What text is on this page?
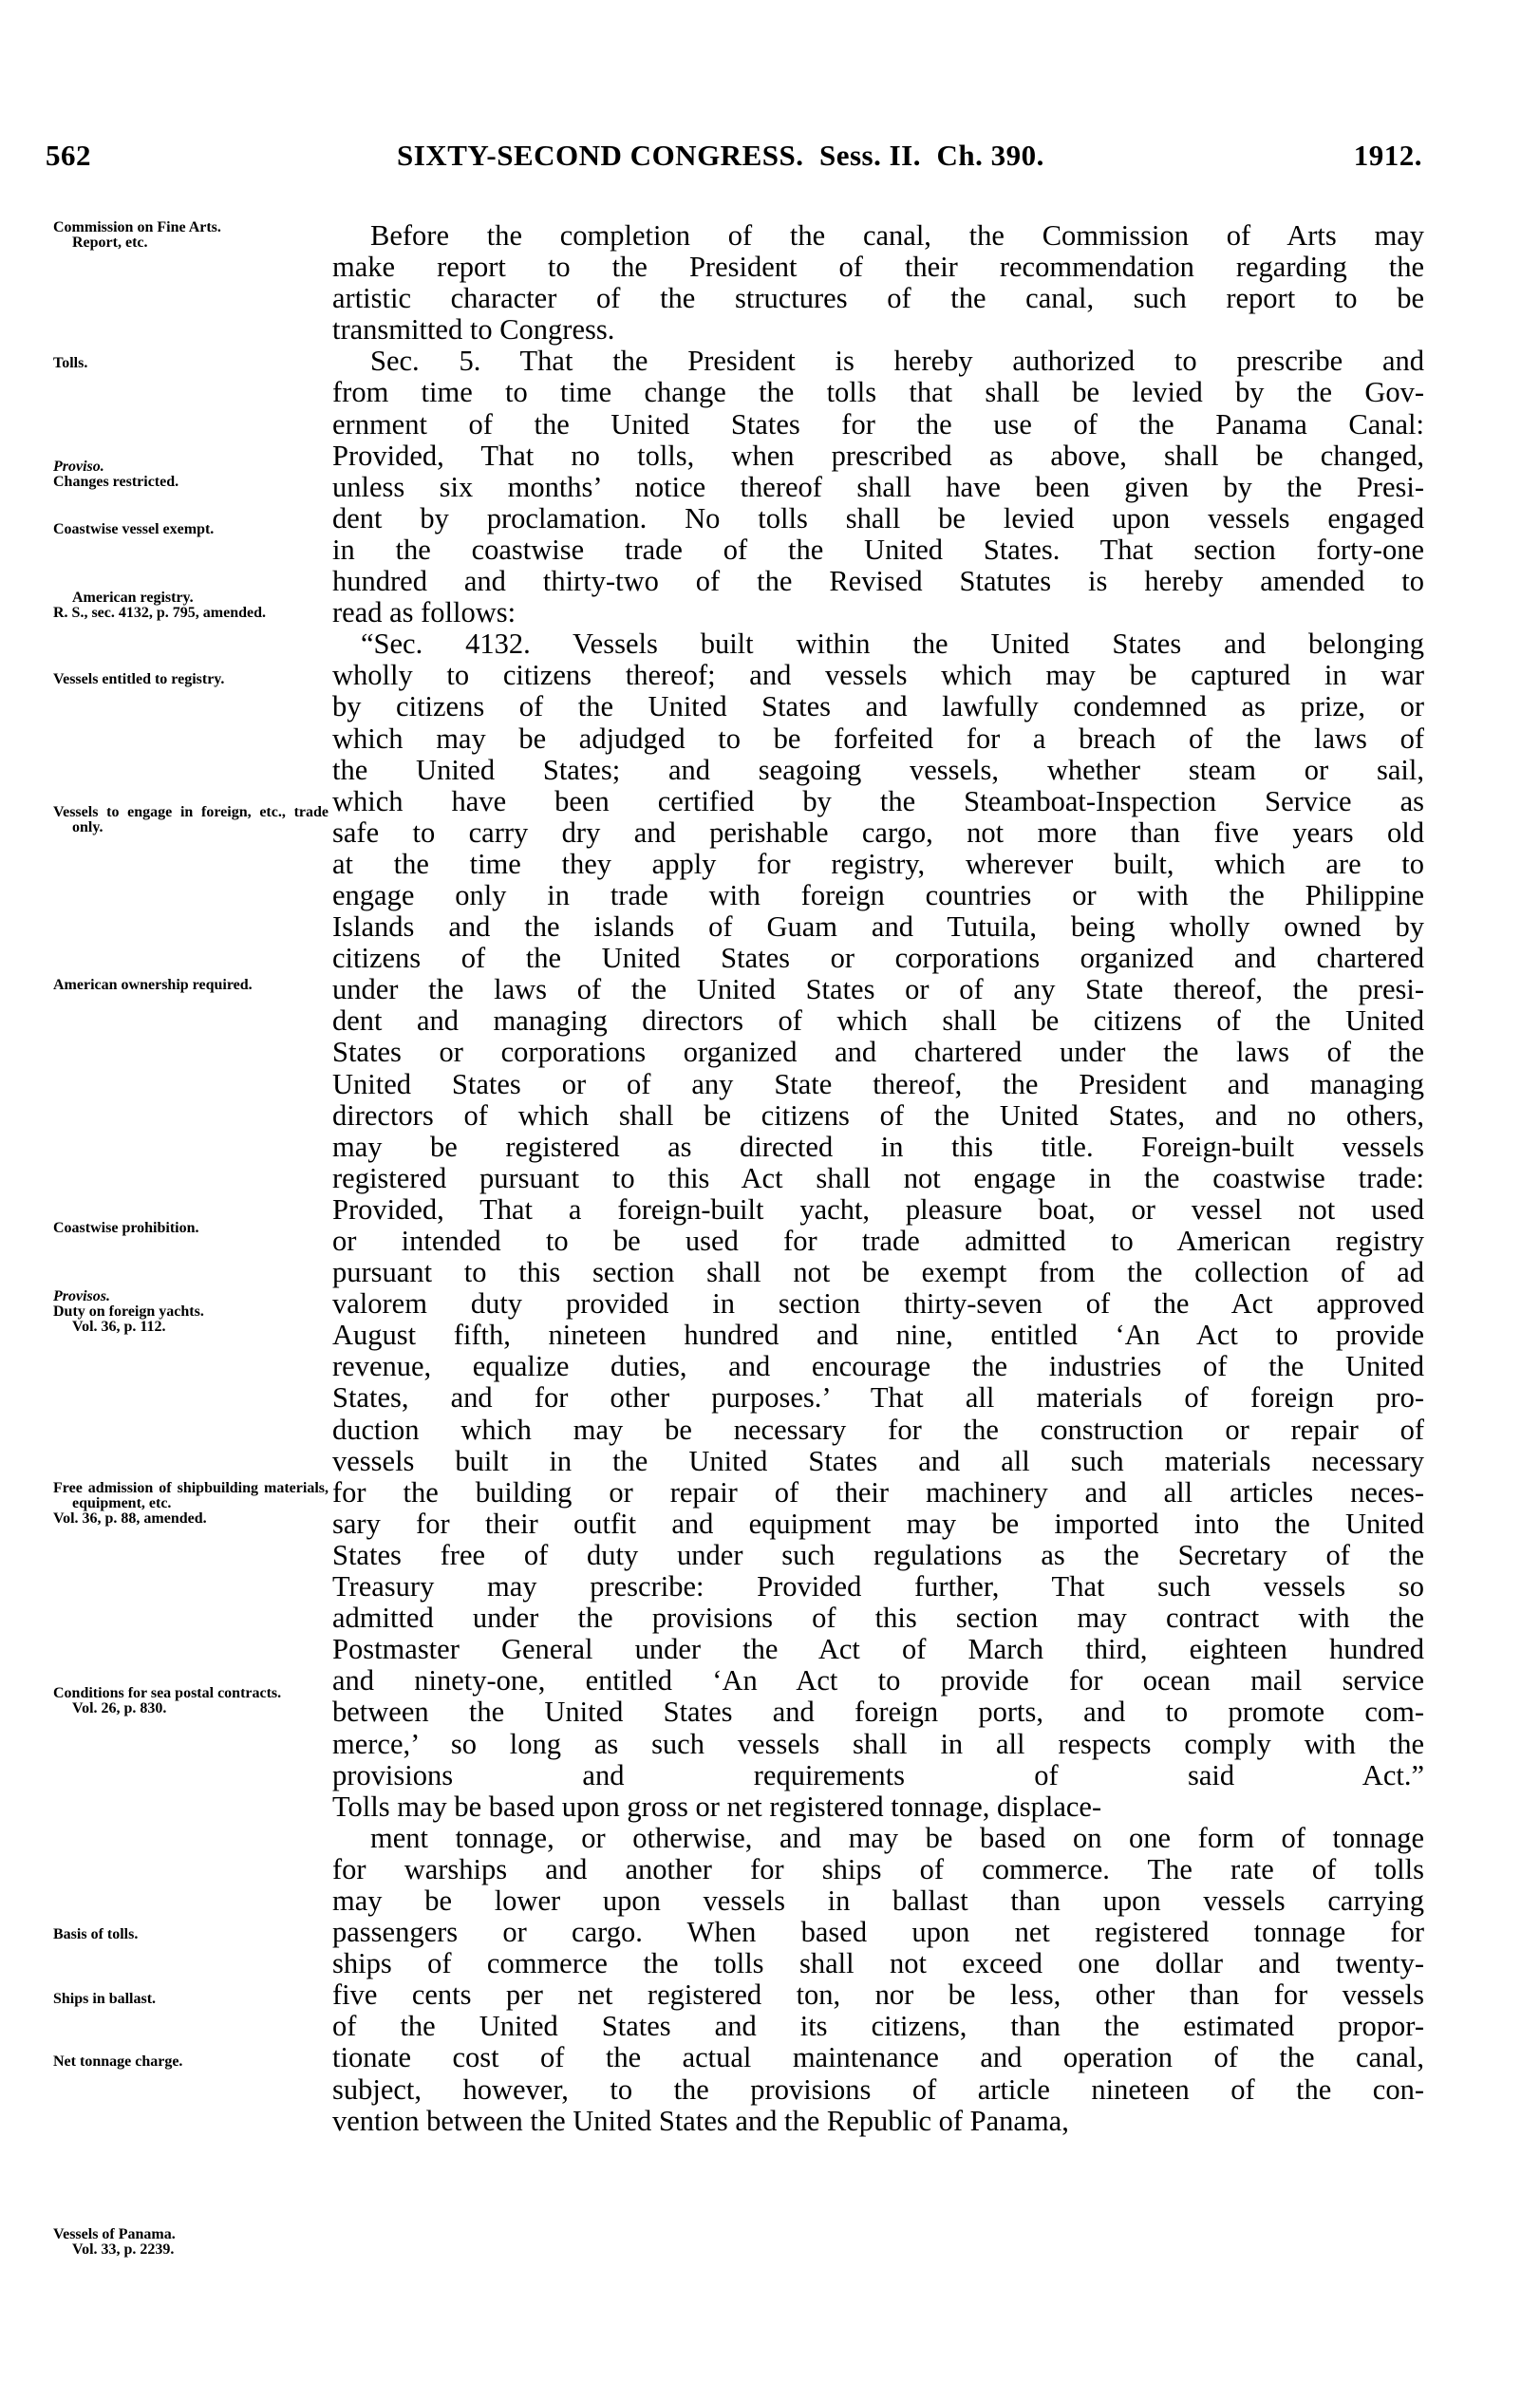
562	SIXTY-SECOND CONGRESS. Sess. II. Ch. 390.	1912.
Commission on Fine Arts.
Report, etc.
Tolls.
Proviso.
Changes restricted.
Coastwise vessel exempt.
American registry.
R. S., sec. 4132, p. 795, amended.
Vessels entitled to registry.
Vessels to engage in foreign, etc., trade only.
American ownership required.
Coastwise prohibition.
Provisos.
Duty on foreign yachts.
Vol. 36, p. 112.
Free admission of shipbuilding materials, equipment, etc.
Vol. 36, p. 88, amended.
Conditions for sea postal contracts.
Vol. 26, p. 830.
Basis of tolls.
Ships in ballast.
Net tonnage charge.
Vessels of Panama.
Vol. 33, p. 2239.
Before the completion of the canal, the Commission of Arts may
make report to the President of their recommendation regarding the
artistic character of the structures of the canal, such report to be
transmitted to Congress.
Sec. 5. That the President is hereby authorized to prescribe and
from time to time change the tolls that shall be levied by the Gov-
ernment of the United States for the use of the Panama Canal:
Provided, That no tolls, when prescribed as above, shall be changed,
unless six months’ notice thereof shall have been given by the Presi-
dent by proclamation. No tolls shall be levied upon vessels engaged
in the coastwise trade of the United States. That section forty-one
hundred and thirty-two of the Revised Statutes is hereby amended to
read as follows:
“Sec. 4132. Vessels built within the United States and belonging
wholly to citizens thereof; and vessels which may be captured in war
by citizens of the United States and lawfully condemned as prize, or
which may be adjudged to be forfeited for a breach of the laws of
the United States; and seagoing vessels, whether steam or sail,
which have been certified by the Steamboat-Inspection Service as
safe to carry dry and perishable cargo, not more than five years old
at the time they apply for registry, wherever built, which are to
engage only in trade with foreign countries or with the Philippine
Islands and the islands of Guam and Tutuila, being wholly owned by
citizens of the United States or corporations organized and chartered
under the laws of the United States or of any State thereof, the presi-
dent and managing directors of which shall be citizens of the United
States or corporations organized and chartered under the laws of the
United States or of any State thereof, the President and managing
directors of which shall be citizens of the United States, and no others,
may be registered as directed in this title. Foreign-built vessels
registered pursuant to this Act shall not engage in the coastwise trade:
Provided, That a foreign-built yacht, pleasure boat, or vessel not used
or intended to be used for trade admitted to American registry
pursuant to this section shall not be exempt from the collection of ad
valorem duty provided in section thirty-seven of the Act approved
August fifth, nineteen hundred and nine, entitled ‘An Act to provide
revenue, equalize duties, and encourage the industries of the United
States, and for other purposes.’ That all materials of foreign pro-
duction which may be necessary for the construction or repair of
vessels built in the United States and all such materials necessary
for the building or repair of their machinery and all articles neces-
sary for their outfit and equipment may be imported into the United
States free of duty under such regulations as the Secretary of the
Treasury may prescribe: Provided further, That such vessels so
admitted under the provisions of this section may contract with the
Postmaster General under the Act of March third, eighteen hundred
and ninety-one, entitled ‘An Act to provide for ocean mail service
between the United States and foreign ports, and to promote com-
merce,’ so long as such vessels shall in all respects comply with the
provisions and requirements of said Act.”
Tolls may be based upon gross or net registered tonnage, displace-
ment tonnage, or otherwise, and may be based on one form of tonnage
for warships and another for ships of commerce. The rate of tolls
may be lower upon vessels in ballast than upon vessels carrying
passengers or cargo. When based upon net registered tonnage for
ships of commerce the tolls shall not exceed one dollar and twenty-
five cents per net registered ton, nor be less, other than for vessels
of the United States and its citizens, than the estimated propor-
tionate cost of the actual maintenance and operation of the canal,
subject, however, to the provisions of article nineteen of the con-
vention between the United States and the Republic of Panama,
